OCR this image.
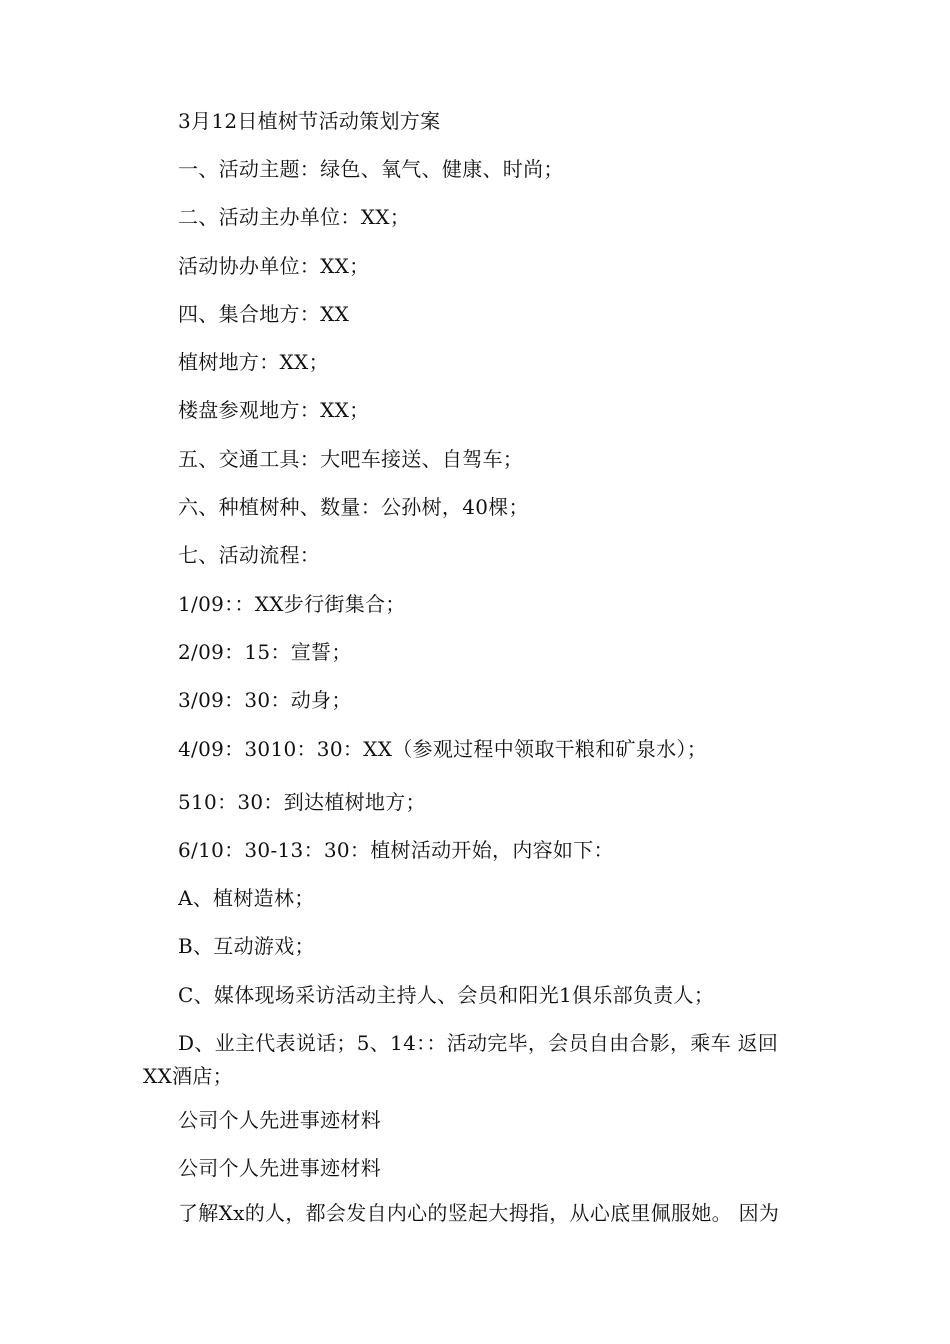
3月12日植树节活动策划方案
一、活动主题：绿色、氧气、健康、时尚；
二、活动主办单位：XX；
活动协办单位：XX；
四、集合地方：XX
植树地方：XX；
楼盘参观地方：XX；
五、交通工具：大吧车接送、自驾车；
六、种植树种、数量：公孙树，40棵；
七、活动流程：
1/09：：XX步行街集合；
2/09：15：宣誓；
3/09：30：动身；
4/09：3010：30：XX（参观过程中领取干粮和矿泉水）；
510：30：到达植树地方；
6/10：30-13：30：植树活动开始，内容如下：
A、植树造林；
B、互动游戏；
C、媒体现场采访活动主持人、会员和阳光1俱乐部负责人；
D、业主代表说话；5、14：：活动完毕，会员自由合影，乘车 返回
XX酒店；
公司个人先进事迹材料
公司个人先进事迹材料
了解Xx的人，都会发自内心的竖起大拇指，从心底里佩服她。 因为
